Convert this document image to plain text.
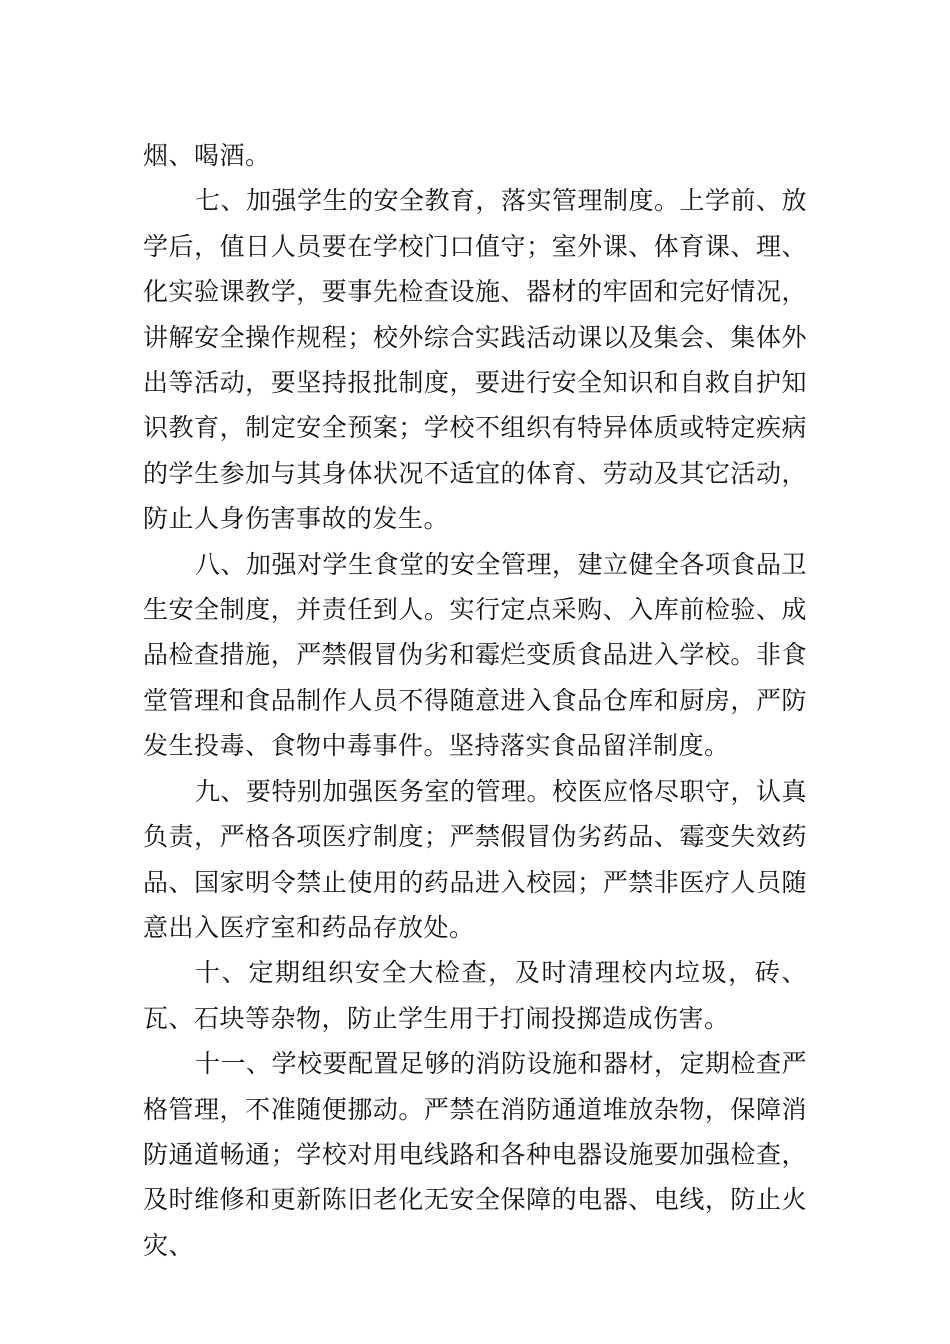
烟、喝酒。

七、加强学生的安全教育，落实管理制度。上学前、放学后，值日人员要在学校门口值守；室外课、体育课、理、化实验课教学，要事先检查设施、器材的牢固和完好情况，讲解安全操作规程；校外综合实践活动课以及集会、集体外出等活动，要坚持报批制度，要进行安全知识和自救自护知识教育，制定安全预案；学校不组织有特异体质或特定疾病的学生参加与其身体状况不适宜的体育、劳动及其它活动，防止人身伤害事故的发生。

八、加强对学生食堂的安全管理，建立健全各项食品卫生安全制度，并责任到人。实行定点采购、入库前检验、成品检查措施，严禁假冒伪劣和霉烂变质食品进入学校。非食堂管理和食品制作人员不得随意进入食品仓库和厨房，严防发生投毒、食物中毒事件。坚持落实食品留洋制度。

九、要特别加强医务室的管理。校医应恪尽职守，认真负责，严格各项医疗制度；严禁假冒伪劣药品、霉变失效药品、国家明令禁止使用的药品进入校园；严禁非医疗人员随意出入医疗室和药品存放处。

十、定期组织安全大检查，及时清理校内垃圾，砖、瓦、石块等杂物，防止学生用于打闹投掷造成伤害。

十一、学校要配置足够的消防设施和器材，定期检查严格管理，不准随便挪动。严禁在消防通道堆放杂物，保障消防通道畅通；学校对用电线路和各种电器设施要加强检查，及时维修和更新陈旧老化无安全保障的电器、电线，防止火灾、
